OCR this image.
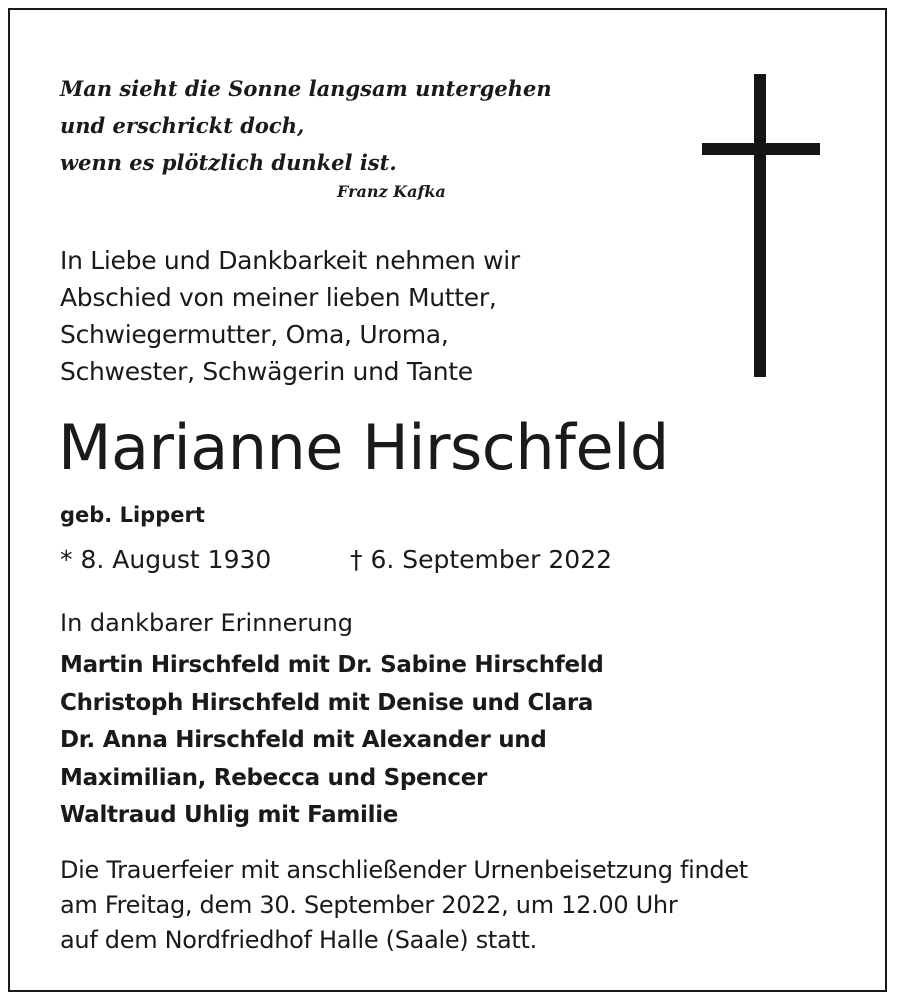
Man sieht die Sonne langsam untergehen
und erschrickt doch,
wenn es plötzlich dunkel ist.
Franz Kafka
In Liebe und Dankbarkeit nehmen wir
Abschied von meiner lieben Mutter,
Schwiegermutter, Oma, Uroma,
Schwester, Schwägerin und Tante
Marianne Hirschfeld
geb. Lippert
* 8. August 1930	† 6. September 2022
In dankbarer Erinnerung
Martin Hirschfeld mit Dr. Sabine Hirschfeld
Christoph Hirschfeld mit Denise und Clara
Dr. Anna Hirschfeld mit Alexander und
Maximilian, Rebecca und Spencer
Waltraud Uhlig mit Familie
Die Trauerfeier mit anschließender Urnenbeisetzung findet
am Freitag, dem 30. September 2022, um 12.00 Uhr
auf dem Nordfriedhof Halle (Saale) statt.
